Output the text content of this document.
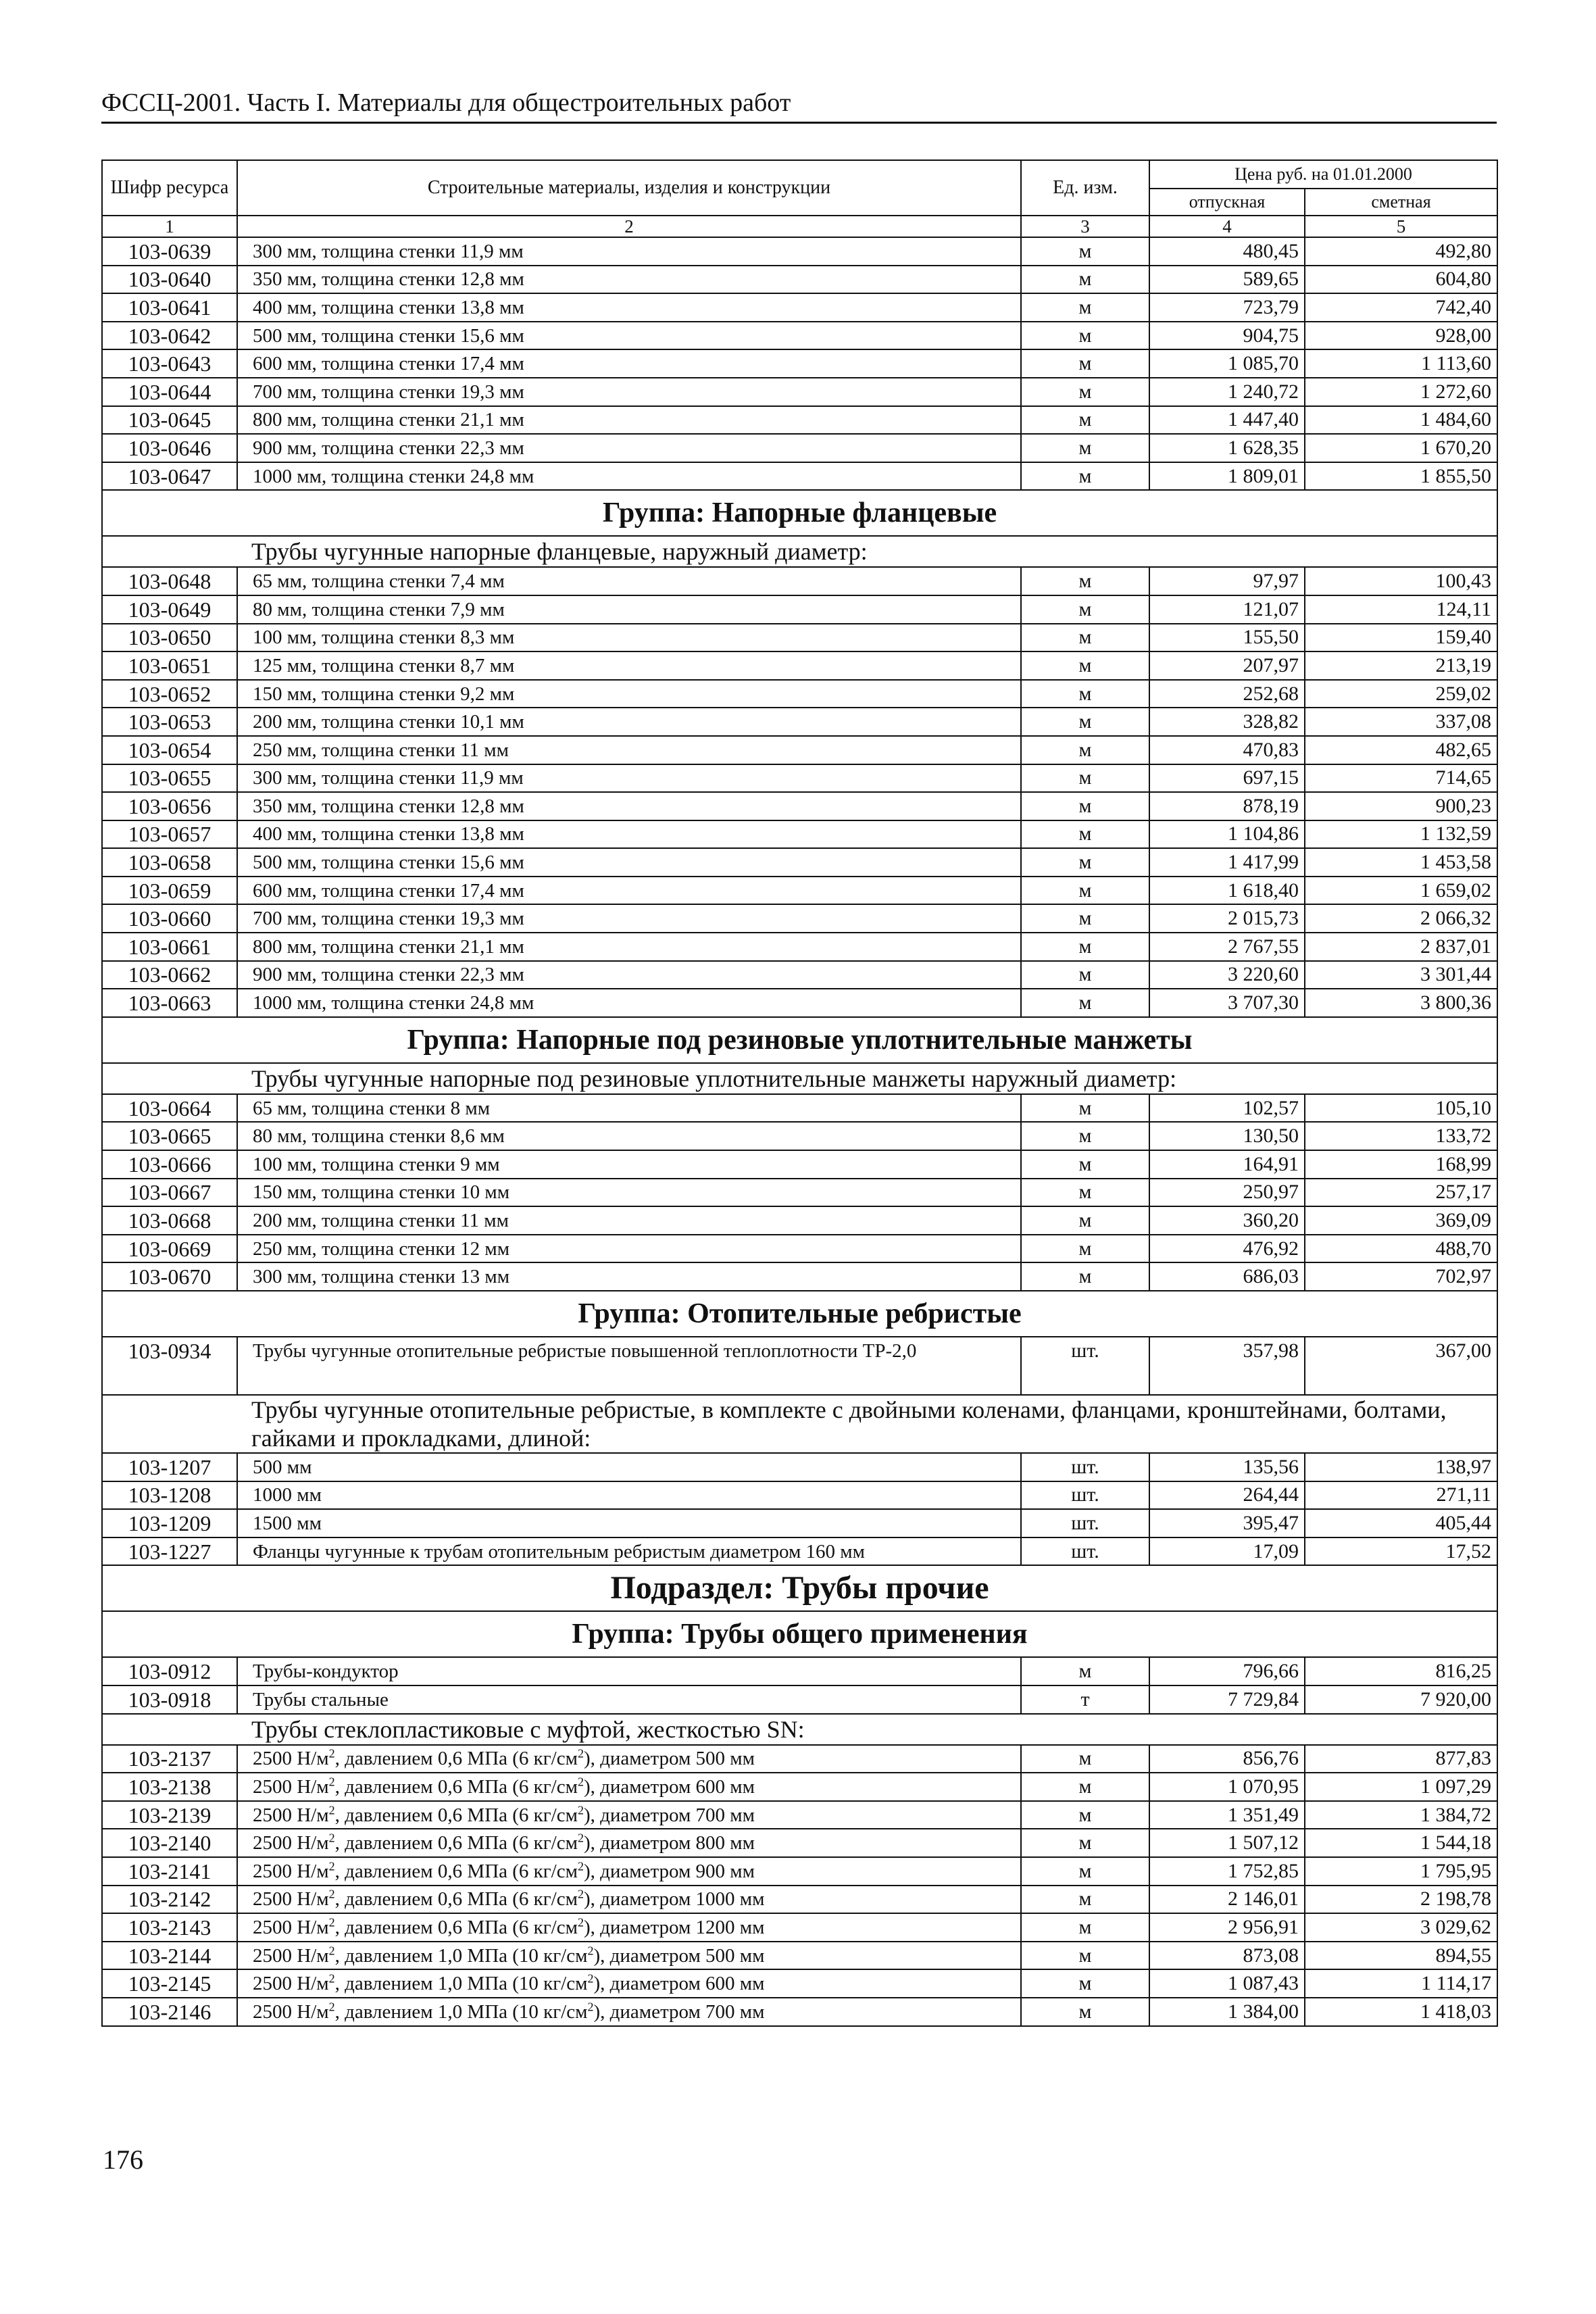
ФССЦ-2001. Часть I. Материалы для общестроительных работ
Шифр ресурса	Строительные материалы, изделия и конструкции	Ед. изм.	Цена руб. на 01.01.2000	
			отпускная	сметная
1	2	3	4	5
103-0639	300 мм, толщина стенки 11,9 мм	м	480,45	492,80
103-0640	350 мм, толщина стенки 12,8 мм	м	589,65	604,80
103-0641	400 мм, толщина стенки 13,8 мм	м	723,79	742,40
103-0642	500 мм, толщина стенки 15,6 мм	м	904,75	928,00
103-0643	600 мм, толщина стенки 17,4 мм	м	1 085,70	1 113,60
103-0644	700 мм, толщина стенки 19,3 мм	м	1 240,72	1 272,60
103-0645	800 мм, толщина стенки 21,1 мм	м	1 447,40	1 484,60
103-0646	900 мм, толщина стенки 22,3 мм	м	1 628,35	1 670,20
103-0647	1000 мм, толщина стенки 24,8 мм	м	1 809,01	1 855,50
Группа: Напорные фланцевые				
Трубы чугунные напорные фланцевые, наружный диаметр:				
103-0648	65 мм, толщина стенки 7,4 мм	м	97,97	100,43
103-0649	80 мм, толщина стенки 7,9 мм	м	121,07	124,11
103-0650	100 мм, толщина стенки 8,3 мм	м	155,50	159,40
103-0651	125 мм, толщина стенки 8,7 мм	м	207,97	213,19
103-0652	150 мм, толщина стенки 9,2 мм	м	252,68	259,02
103-0653	200 мм, толщина стенки 10,1 мм	м	328,82	337,08
103-0654	250 мм, толщина стенки 11 мм	м	470,83	482,65
103-0655	300 мм, толщина стенки 11,9 мм	м	697,15	714,65
103-0656	350 мм, толщина стенки 12,8 мм	м	878,19	900,23
103-0657	400 мм, толщина стенки 13,8 мм	м	1 104,86	1 132,59
103-0658	500 мм, толщина стенки 15,6 мм	м	1 417,99	1 453,58
103-0659	600 мм, толщина стенки 17,4 мм	м	1 618,40	1 659,02
103-0660	700 мм, толщина стенки 19,3 мм	м	2 015,73	2 066,32
103-0661	800 мм, толщина стенки 21,1 мм	м	2 767,55	2 837,01
103-0662	900 мм, толщина стенки 22,3 мм	м	3 220,60	3 301,44
103-0663	1000 мм, толщина стенки 24,8 мм	м	3 707,30	3 800,36
Группа: Напорные под резиновые уплотнительные манжеты				
Трубы чугунные напорные под резиновые уплотнительные манжеты наружный диаметр:				
103-0664	65 мм, толщина стенки 8 мм	м	102,57	105,10
103-0665	80 мм, толщина стенки 8,6 мм	м	130,50	133,72
103-0666	100 мм, толщина стенки 9 мм	м	164,91	168,99
103-0667	150 мм, толщина стенки 10 мм	м	250,97	257,17
103-0668	200 мм, толщина стенки 11 мм	м	360,20	369,09
103-0669	250 мм, толщина стенки 12 мм	м	476,92	488,70
103-0670	300 мм, толщина стенки 13 мм	м	686,03	702,97
Группа: Отопительные ребристые				
103-0934	Трубы чугунные отопительные ребристые повышенной теплоплотности ТР-2,0	шт.	357,98	367,00
Трубы чугунные отопительные ребристые, в комплекте с двойными коленами, фланцами, кронштейнами, болтами, гайками и прокладками, длиной:				
103-1207	500 мм	шт.	135,56	138,97
103-1208	1000 мм	шт.	264,44	271,11
103-1209	1500 мм	шт.	395,47	405,44
103-1227	Фланцы чугунные к трубам отопительным ребристым диаметром 160 мм	шт.	17,09	17,52
Подраздел: Трубы прочие				
Группа: Трубы общего применения				
103-0912	Трубы-кондуктор	м	796,66	816,25
103-0918	Трубы стальные	т	7 729,84	7 920,00
Трубы стеклопластиковые с муфтой, жесткостью SN:				
103-2137	2500 $Н/м^2$, давлением 0,6 МПа (6 $кг/см^2$), диаметром 500 мм	м	856,76	877,83
103-2138	2500 $Н/м^2$, давлением 0,6 МПа (6 $кг/см^2$), диаметром 600 мм	м	1 070,95	1 097,29
103-2139	2500 $Н/м^2$, давлением 0,6 МПа (6 $кг/см^2$), диаметром 700 мм	м	1 351,49	1 384,72
103-2140	2500 $Н/м^2$, давлением 0,6 МПа (6 $кг/см^2$), диаметром 800 мм	м	1 507,12	1 544,18
103-2141	2500 $Н/м^2$, давлением 0,6 МПа (6 $кг/см^2$), диаметром 900 мм	м	1 752,85	1 795,95
103-2142	2500 $Н/м^2$, давлением 0,6 МПа (6 $кг/см^2$), диаметром 1000 мм	м	2 146,01	2 198,78
103-2143	2500 $Н/м^2$, давлением 0,6 МПа (6 $кг/см^2$), диаметром 1200 мм	м	2 956,91	3 029,62
103-2144	2500 $Н/м^2$, давлением 1,0 МПа (10 $кг/см^2$), диаметром 500 мм	м	873,08	894,55
103-2145	2500 $Н/м^2$, давлением 1,0 МПа (10 $кг/см^2$), диаметром 600 мм	м	1 087,43	1 114,17
103-2146	2500 $Н/м^2$, давлением 1,0 МПа (10 $кг/см^2$), диаметром 700 мм	м	1 384,00	1 418,03
176
